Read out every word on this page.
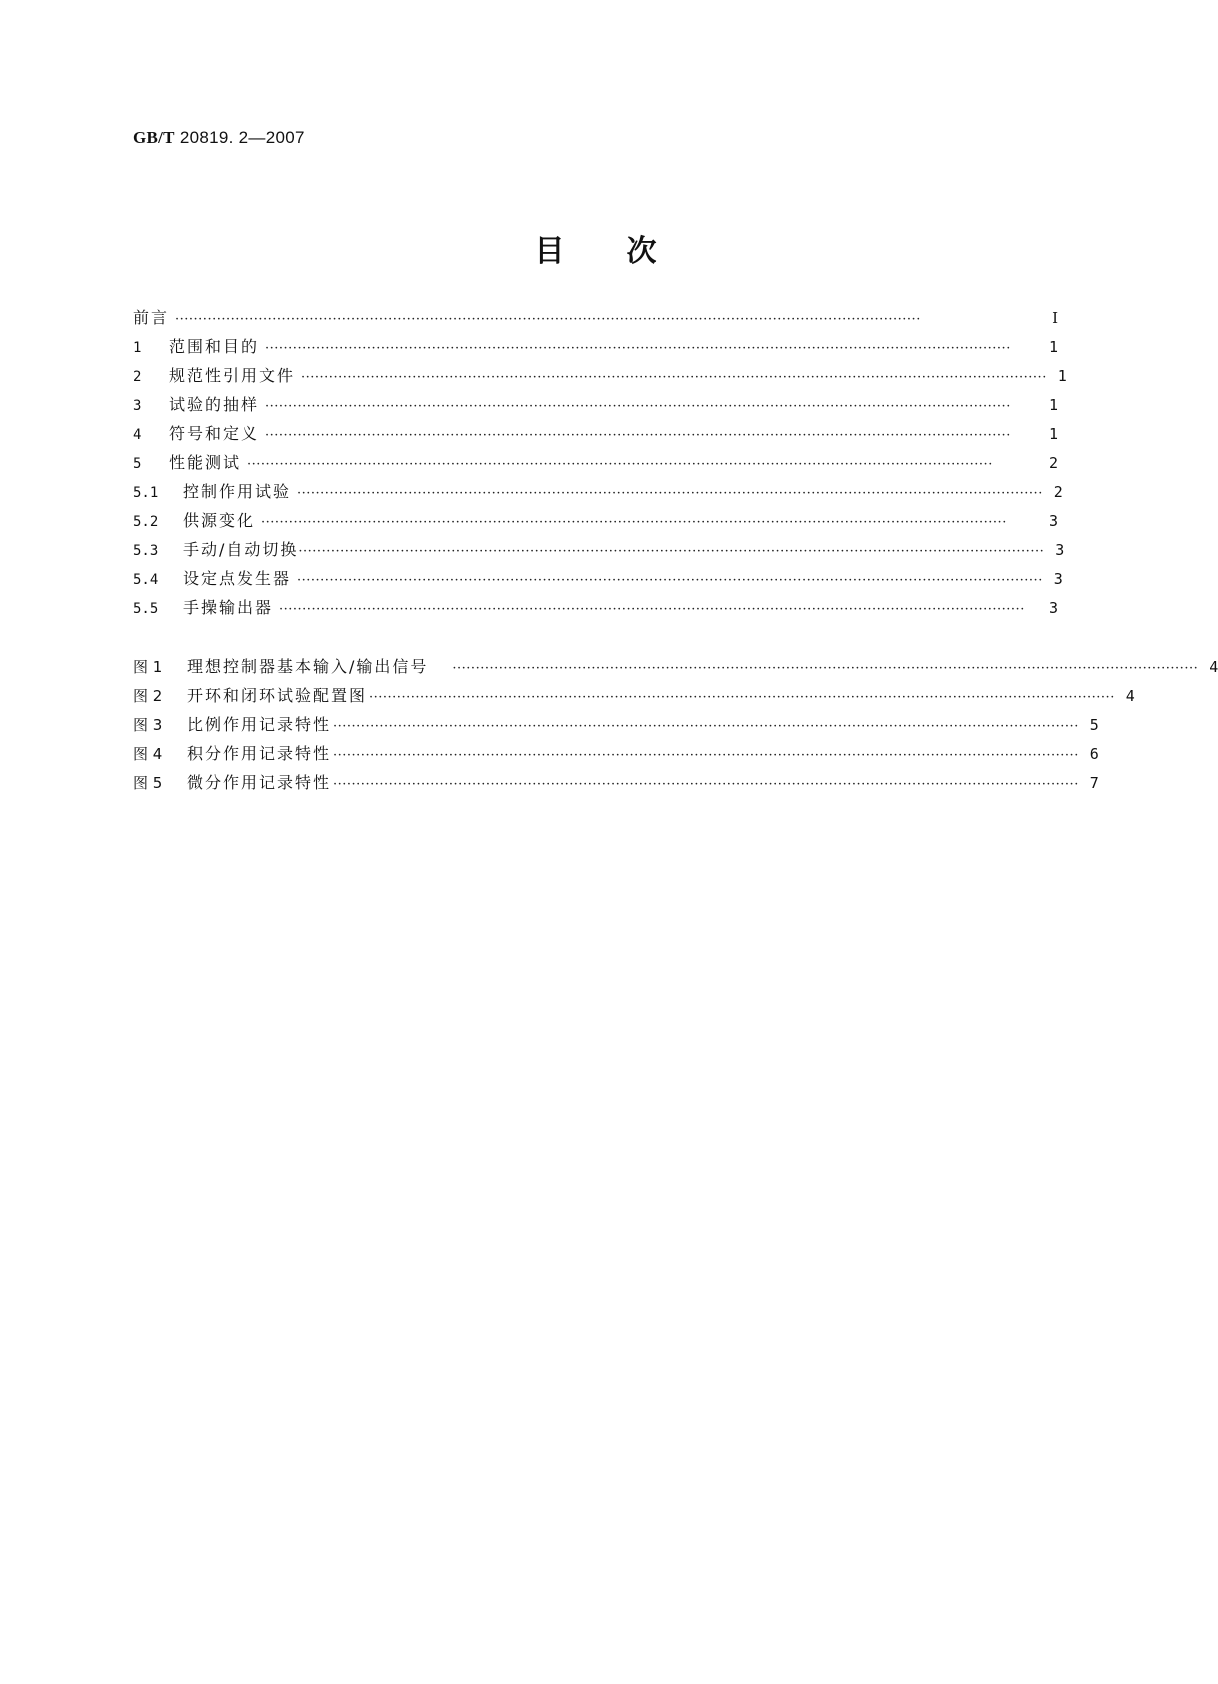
GB/T 20819. 2—2007
目 次
前言 ·································································································································································	I
1	范围和目的 ·································································································································································	1
2	规范性引用文件 ································································································································································· 1
3	试验的抽样 ·································································································································································	1
4	符号和定义 ·································································································································································	1
5	性能测试 ·································································································································································	2
5.1	控制作用试验 ································································································································································· 2
5.2	供源变化 ·································································································································································	3
5.3	手动/自动切换 ································································································································································· 3
5.4	设定点发生器 ································································································································································· 3
5.5	手操输出器 ·································································································································································	3
图 1	理想控制器基本输入/输出信号 ································································································································································· 4
图 2	开环和闭环试验配置图 ································································································································································· 4
图 3	比例作用记录特性 ································································································································································· 5
图 4	积分作用记录特性 ································································································································································· 6
图 5	微分作用记录特性 ································································································································································· 7
